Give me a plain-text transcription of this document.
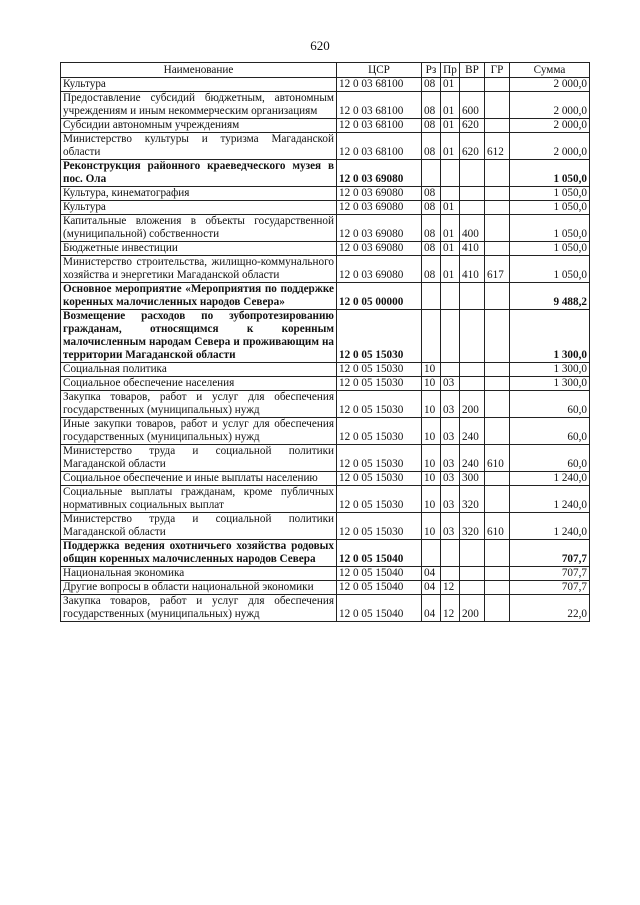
620
Наименование	ЦСР	Рз	Пр	ВР	ГР	Сумма
Культура	12 0 03 68100	08	01			2 000,0
Предоставление субсидий бюджетным, автономным учреждениям и иным некоммерческим организациям	12 0 03 68100	08	01	600		2 000,0
Субсидии автономным учреждениям	12 0 03 68100	08	01	620		2 000,0
Министерство культуры и туризма Магаданской области	12 0 03 68100	08	01	620	612	2 000,0
Реконструкция районного краеведческого музея в пос. Ола	12 0 03 69080					1 050,0
Культура, кинематография	12 0 03 69080	08				1 050,0
Культура	12 0 03 69080	08	01			1 050,0
Капитальные вложения в объекты государственной (муниципальной) собственности	12 0 03 69080	08	01	400		1 050,0
Бюджетные инвестиции	12 0 03 69080	08	01	410		1 050,0
Министерство строительства, жилищно-коммунального хозяйства и энергетики Магаданской области	12 0 03 69080	08	01	410	617	1 050,0
Основное мероприятие «Мероприятия по поддержке коренных малочисленных народов Севера»	12 0 05 00000					9 488,2
Возмещение расходов по зубопротезированию гражданам, относящимся к коренным малочисленным народам Севера и проживающим на территории Магаданской области	12 0 05 15030					1 300,0
Социальная политика	12 0 05 15030	10				1 300,0
Социальное обеспечение населения	12 0 05 15030	10	03			1 300,0
Закупка товаров, работ и услуг для обеспечения государственных (муниципальных) нужд	12 0 05 15030	10	03	200		60,0
Иные закупки товаров, работ и услуг для обеспечения государственных (муниципальных) нужд	12 0 05 15030	10	03	240		60,0
Министерство труда и социальной политики Магаданской области	12 0 05 15030	10	03	240	610	60,0
Социальное обеспечение и иные выплаты населению	12 0 05 15030	10	03	300		1 240,0
Социальные выплаты гражданам, кроме публичных нормативных социальных выплат	12 0 05 15030	10	03	320		1 240,0
Министерство труда и социальной политики Магаданской области	12 0 05 15030	10	03	320	610	1 240,0
Поддержка ведения охотничьего хозяйства родовых общин коренных малочисленных народов Севера	12 0 05 15040					707,7
Национальная экономика	12 0 05 15040	04				707,7
Другие вопросы в области национальной экономики	12 0 05 15040	04	12			707,7
Закупка товаров, работ и услуг для обеспечения государственных (муниципальных) нужд	12 0 05 15040	04	12	200		22,0
